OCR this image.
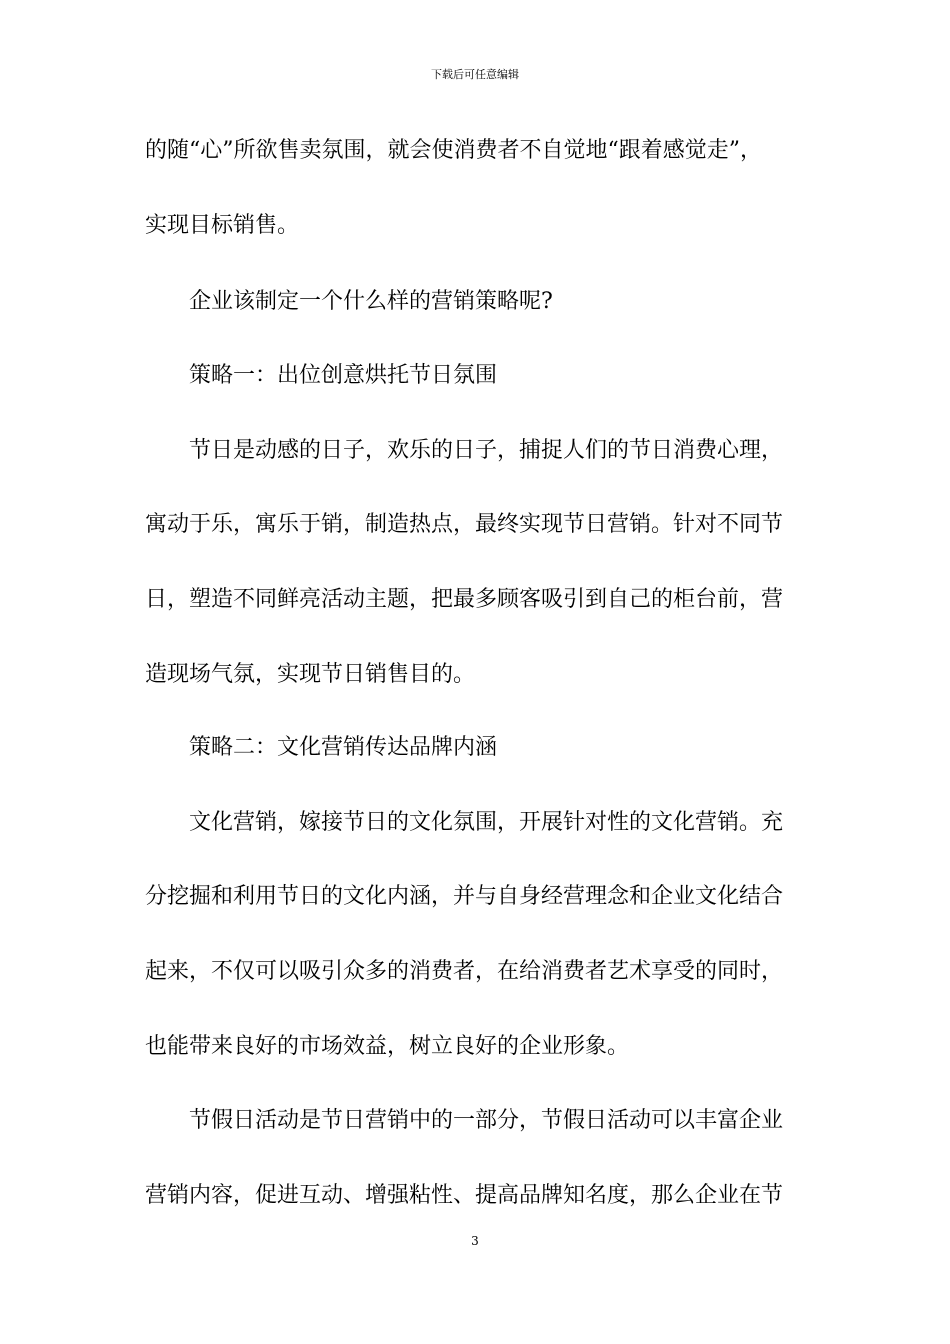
下载后可任意编辑
的随“心”所欲售卖氛围，就会使消费者不自觉地“跟着感觉走”，
实现目标销售。
企业该制定一个什么样的营销策略呢?
策略一：出位创意烘托节日氛围
节日是动感的日子，欢乐的日子，捕捉人们的节日消费心理，
寓动于乐，寓乐于销，制造热点，最终实现节日营销。针对不同节
日，塑造不同鲜亮活动主题，把最多顾客吸引到自己的柜台前，营
造现场气氛，实现节日销售目的。
策略二：文化营销传达品牌内涵
文化营销，嫁接节日的文化氛围，开展针对性的文化营销。充
分挖掘和利用节日的文化内涵，并与自身经营理念和企业文化结合
起来，不仅可以吸引众多的消费者，在给消费者艺术享受的同时，
也能带来良好的市场效益，树立良好的企业形象。
节假日活动是节日营销中的一部分，节假日活动可以丰富企业
营销内容，促进互动、增强粘性、提高品牌知名度，那么企业在节
3
